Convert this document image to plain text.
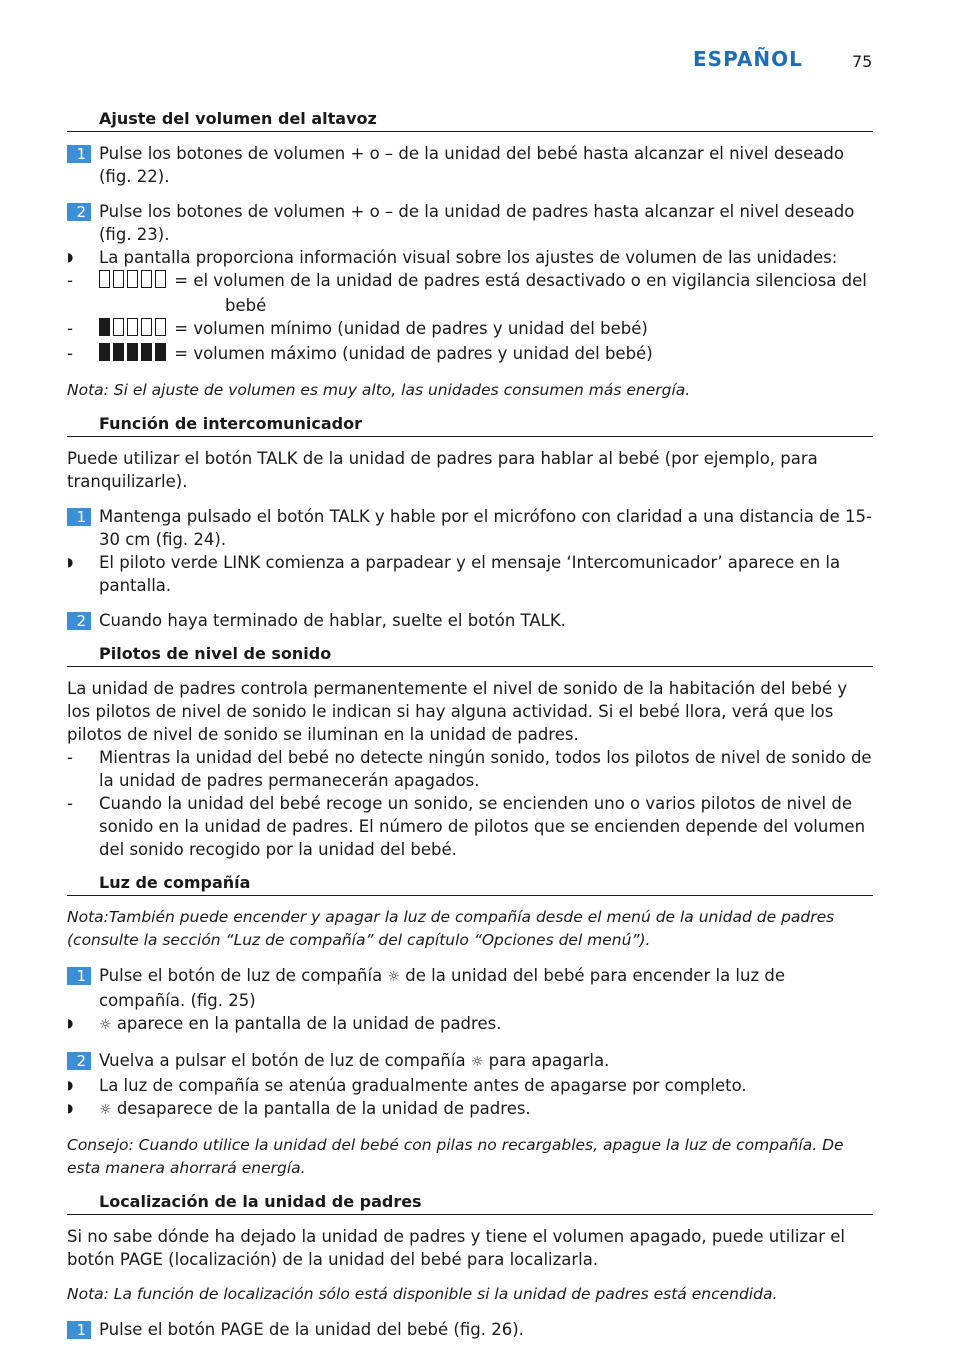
ESPAÑOL	75
Ajuste del volumen del altavoz
1 Pulse los botones de volumen + o – de la unidad del bebé hasta alcanzar el nivel deseado (fig. 22).
2 Pulse los botones de volumen + o – de la unidad de padres hasta alcanzar el nivel deseado (fig. 23).
◗ La pantalla proporciona información visual sobre los ajustes de volumen de las unidades:
-	= el volumen de la unidad de padres está desactivado o en vigilancia silenciosa del
bebé
-	= volumen mínimo (unidad de padres y unidad del bebé)
-	= volumen máximo (unidad de padres y unidad del bebé)
Nota: Si el ajuste de volumen es muy alto, las unidades consumen más energía.
Función de intercomunicador
Puede utilizar el botón TALK de la unidad de padres para hablar al bebé (por ejemplo, para tranquilizarle).
1 Mantenga pulsado el botón TALK y hable por el micrófono con claridad a una distancia de 15-30 cm (fig. 24).
◗ El piloto verde LINK comienza a parpadear y el mensaje ‘Intercomunicador’ aparece en la pantalla.
2 Cuando haya terminado de hablar, suelte el botón TALK.
Pilotos de nivel de sonido
La unidad de padres controla permanentemente el nivel de sonido de la habitación del bebé y los pilotos de nivel de sonido le indican si hay alguna actividad. Si el bebé llora, verá que los pilotos de nivel de sonido se iluminan en la unidad de padres.
- Mientras la unidad del bebé no detecte ningún sonido, todos los pilotos de nivel de sonido de la unidad de padres permanecerán apagados.
- Cuando la unidad del bebé recoge un sonido, se encienden uno o varios pilotos de nivel de sonido en la unidad de padres. El número de pilotos que se encienden depende del volumen del sonido recogido por la unidad del bebé.
Luz de compañía
Nota:También puede encender y apagar la luz de compañía desde el menú de la unidad de padres (consulte la sección “Luz de compañía” del capítulo “Opciones del menú”).
1 Pulse el botón de luz de compañía ☼ de la unidad del bebé para encender la luz de compañía. (fig. 25)
◗ ☼ aparece en la pantalla de la unidad de padres.
2 Vuelva a pulsar el botón de luz de compañía ☼ para apagarla.
◗ La luz de compañía se atenúa gradualmente antes de apagarse por completo.
◗ ☼ desaparece de la pantalla de la unidad de padres.
Consejo: Cuando utilice la unidad del bebé con pilas no recargables, apague la luz de compañía. De esta manera ahorrará energía.
Localización de la unidad de padres
Si no sabe dónde ha dejado la unidad de padres y tiene el volumen apagado, puede utilizar el botón PAGE (localización) de la unidad del bebé para localizarla.
Nota: La función de localización sólo está disponible si la unidad de padres está encendida.
1 Pulse el botón PAGE de la unidad del bebé (fig. 26).
